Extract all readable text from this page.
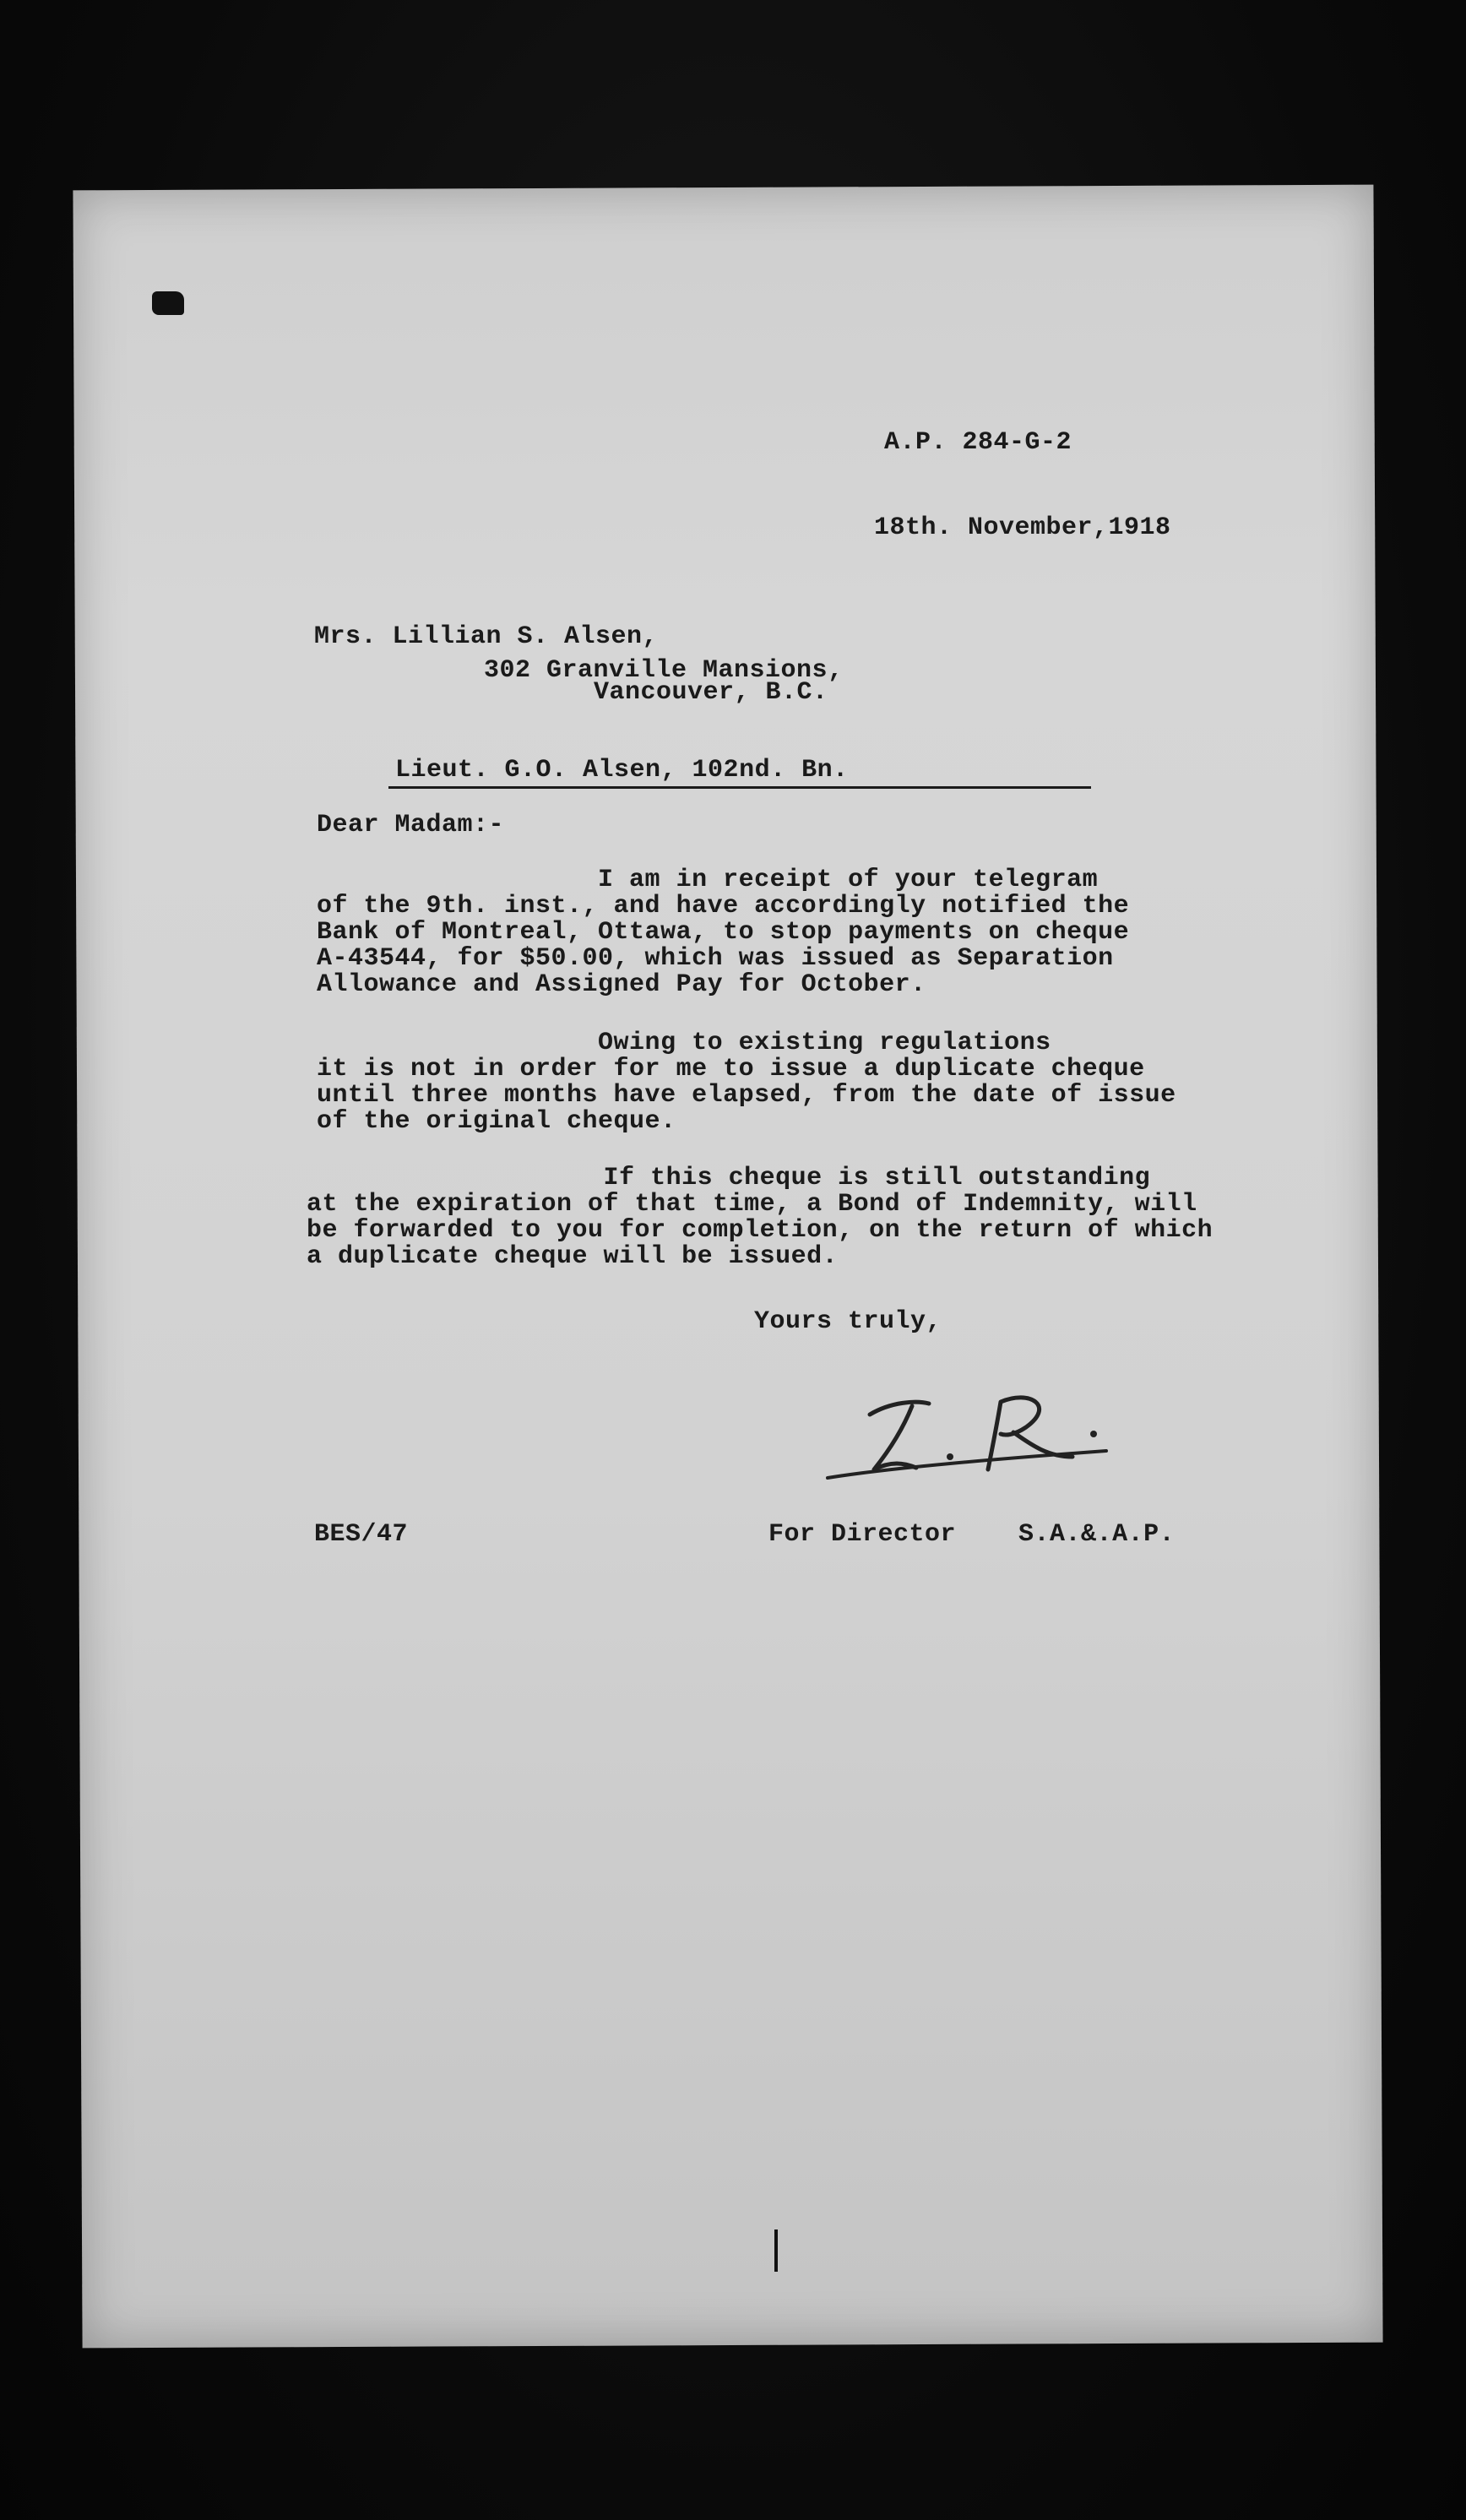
A.P. 284-G-2
18th. November,1918
Mrs. Lillian S. Alsen,
302 Granville Mansions,
Vancouver, B.C.
Lieut. G.O. Alsen, 102nd. Bn.
Dear Madam:-
I am in receipt of your telegram
of the 9th. inst., and have accordingly notified the
Bank of Montreal, Ottawa, to stop payments on cheque
A-43544, for $50.00, which was issued as Separation
Allowance and Assigned Pay for October.
Owing to existing regulations
it is not in order for me to issue a duplicate cheque
until three months have elapsed, from the date of issue
of the original cheque.
If this cheque is still outstanding
at the expiration of that time, a Bond of Indemnity, will
be forwarded to you for completion, on the return of which
a duplicate cheque will be issued.
Yours truly,
BES/47	For Director    S.A.&.A.P.
